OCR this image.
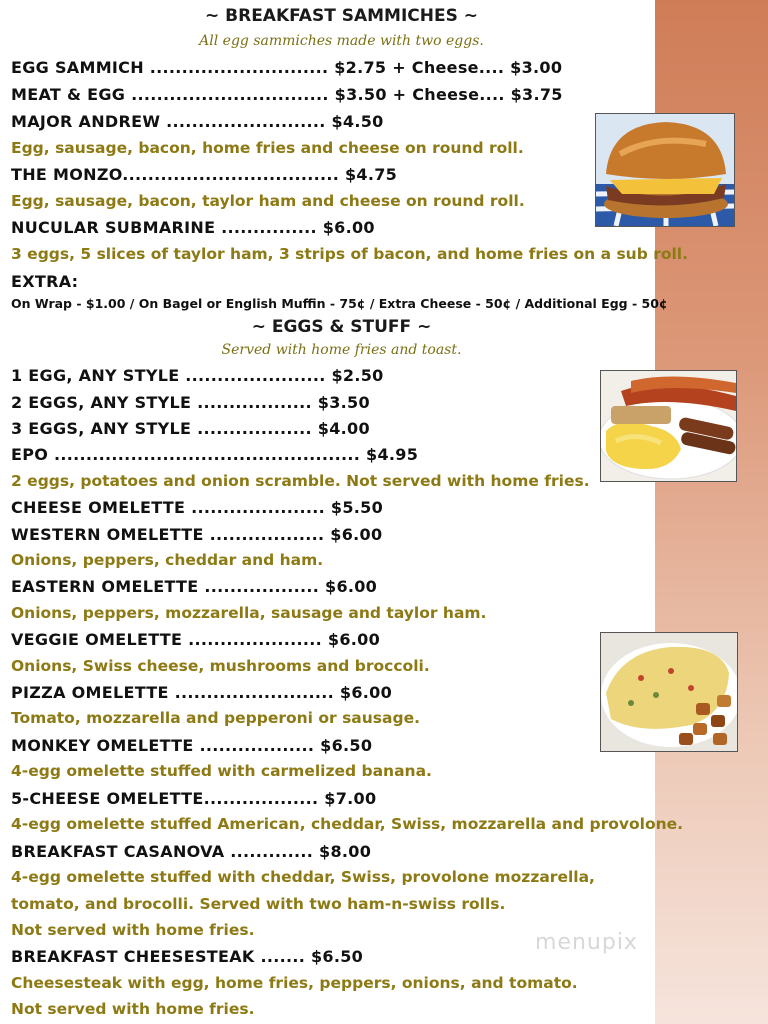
~ BREAKFAST SAMMICHES ~
All egg sammiches made with two eggs.
EGG SAMMICH ............................ $2.75 + Cheese.... $3.00
MEAT & EGG ............................... $3.50 + Cheese.... $3.75
MAJOR ANDREW ......................... $4.50
Egg, sausage, bacon, home fries and cheese on round roll.
THE MONZO.................................. $4.75
Egg, sausage, bacon, taylor ham and cheese on round roll.
NUCULAR SUBMARINE ............... $6.00
3 eggs, 5 slices of taylor ham, 3 strips of bacon, and home fries on a sub roll.
EXTRA:
On Wrap - $1.00 / On Bagel or English Muffin - 75¢ / Extra Cheese - 50¢ / Additional Egg - 50¢
~ EGGS & STUFF ~
Served with home fries and toast.
1 EGG, ANY STYLE ...................... $2.50
2 EGGS, ANY STYLE .................. $3.50
3 EGGS, ANY STYLE .................. $4.00
EPO ................................................ $4.95
2 eggs, potatoes and onion scramble. Not served with home fries.
CHEESE OMELETTE ..................... $5.50
WESTERN OMELETTE .................. $6.00
Onions, peppers, cheddar and ham.
EASTERN OMELETTE .................. $6.00
Onions, peppers, mozzarella, sausage and taylor ham.
VEGGIE OMELETTE ..................... $6.00
Onions, Swiss cheese, mushrooms and broccoli.
PIZZA OMELETTE ......................... $6.00
Tomato, mozzarella and pepperoni or sausage.
MONKEY OMELETTE .................. $6.50
4-egg omelette stuffed with carmelized banana.
5-CHEESE OMELETTE.................. $7.00
4-egg omelette stuffed American, cheddar, Swiss, mozzarella and provolone.
BREAKFAST CASANOVA ............. $8.00
4-egg omelette stuffed with cheddar, Swiss, provolone mozzarella,
tomato, and brocolli. Served with two ham-n-swiss rolls.
Not served with home fries.
BREAKFAST CHEESESTEAK ....... $6.50
Cheesesteak with egg, home fries, peppers, onions, and tomato.
Not served with home fries.
menupix
